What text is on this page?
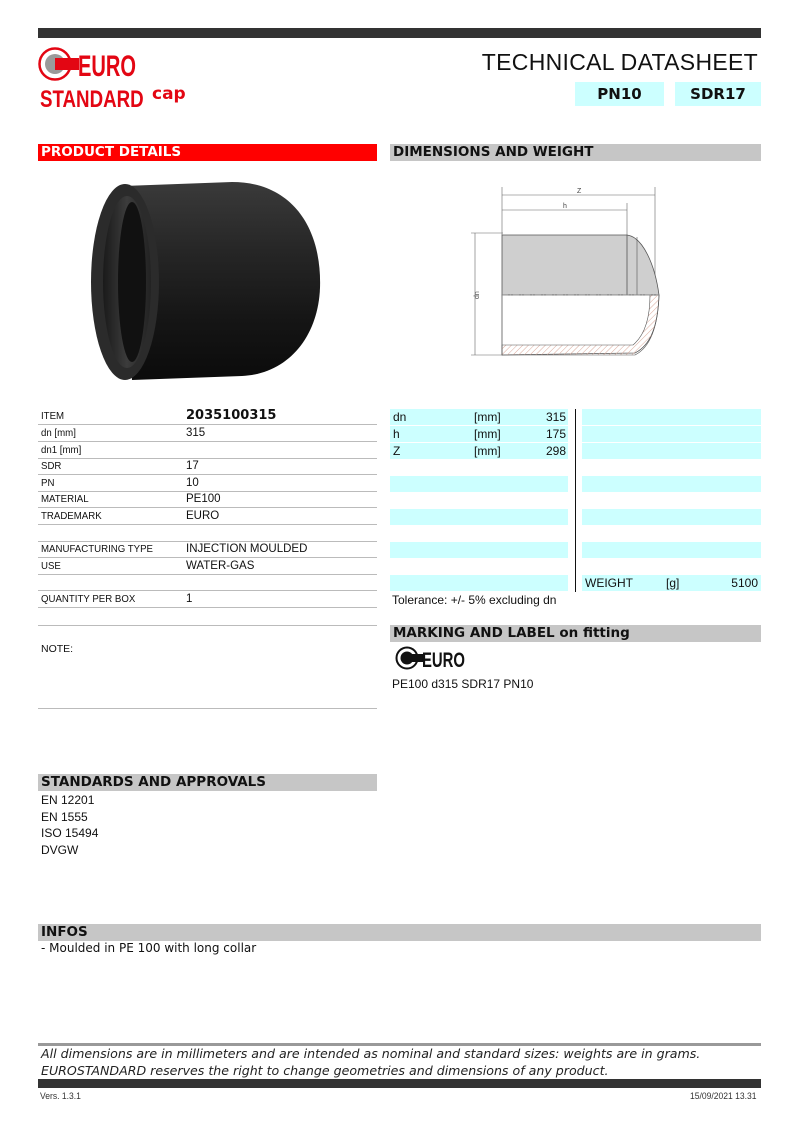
EURO
STANDARD cap
TECHNICAL DATASHEET
PN10	SDR17
PRODUCT DETAILS	DIMENSIONS AND WEIGHT
Z
h
dn
ITEM	2035100315
dn [mm]	315
dn1 [mm]
SDR	17
PN	10
MATERIAL	PE100
TRADEMARK	EURO
MANUFACTURING TYPE	INJECTION MOULDED
USE	WATER-GAS
QUANTITY PER BOX	1
NOTE:
dn	[mm]	315
h	[mm]	175
Z	[mm]	298
WEIGHT	[g]	5100
Tolerance: +/- 5% excluding dn
MARKING AND LABEL on fitting
EURO
PE100 d315 SDR17 PN10
STANDARDS AND APPROVALS
EN 12201
EN 1555
ISO 15494
DVGW
INFOS
- Moulded in PE 100 with long collar
All dimensions are in millimeters and are intended as nominal and standard sizes: weights are in grams.
EUROSTANDARD reserves the right to change geometries and dimensions of any product.
Vers. 1.3.1	15/09/2021 13.31
